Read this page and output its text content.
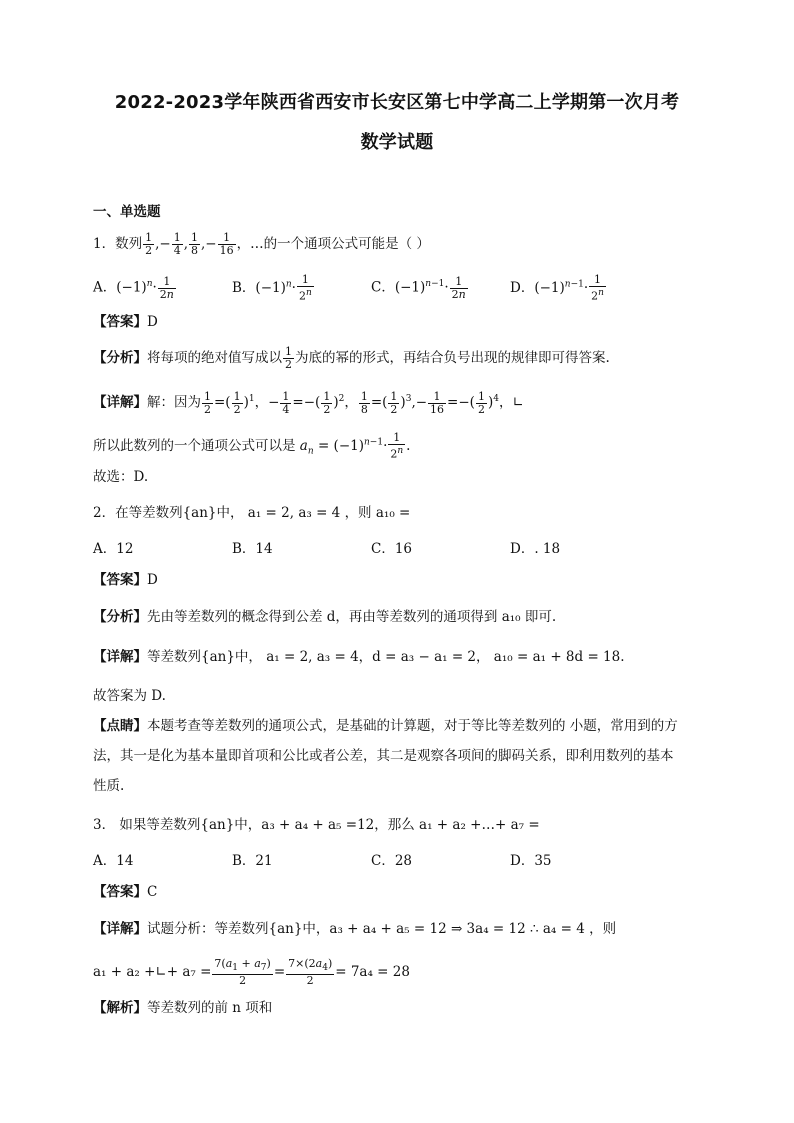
2022-2023学年陕西省西安市长安区第七中学高二上学期第一次月考
数学试题
一、单选题
1．数列 $\frac{1}{2}$ ,− $\frac{1}{4}$ , $\frac{1}{8}$ ,− $\frac{1}{16}$ ，…的一个通项公式可能是（ ）
A．$(-1)^n\cdot \frac{1}{2n}$	B．$(-1)^n\cdot \frac{1}{2^n}$	C．$(-1)^{n-1}\cdot \frac{1}{2n}$	D．$(-1)^{n-1}\cdot \frac{1}{2^n}$
【答案】D
【分析】将每项的绝对值写成以 $\frac{1}{2}$ 为底的幂的形式，再结合负号出现的规律即可得答案.
【详解】解：因为 $\frac{1}{2}$ =( $\frac{1}{2} )^1$，− $\frac{1}{4}$ =−( $\frac{1}{2} )^2$， $\frac{1}{8}$ =( $\frac{1}{2} )^3,- \frac{1}{16}$ =−( $\frac{1}{2} )^4$，∟
所以此数列的一个通项公式可以是 $a_n = (-1)^{n-1}\cdot \frac{1}{2^n}$ .
故选：D.
2．在等差数列{an}中， a₁ = 2, a₃ = 4 ，则 a₁₀ =
A．12	B．14	C．16	D．. 18
【答案】D
【分析】先由等差数列的概念得到公差 d，再由等差数列的通项得到 a₁₀ 即可.
【详解】等差数列{an}中， a₁ = 2, a₃ = 4，d = a₃ − a₁ = 2， a₁₀ = a₁ + 8d = 18.
故答案为 D.
【点睛】本题考查等差数列的通项公式，是基础的计算题，对于等比等差数列的 小题，常用到的方
法，其一是化为基本量即首项和公比或者公差，其二是观察各项间的脚码关系，即利用数列的基本
性质.
3． 如果等差数列{an}中，a₃ + a₄ + a₅ =12，那么 a₁ + a₂ +…+ a₇ =
A．14	B．21	C．28	D．35
【答案】C
【详解】试题分析：等差数列{an}中，a₃ + a₄ + a₅ = 12 ⇒ 3a₄ = 12 ∴ a₄ = 4 ，则
a₁ + a₂ +∟+ $a_7 = \frac{7(a_1 + a_7)}{2} = \frac{7\times(2a_4)}{2} = 7a_4 = 28$
【解析】等差数列的前 n 项和
